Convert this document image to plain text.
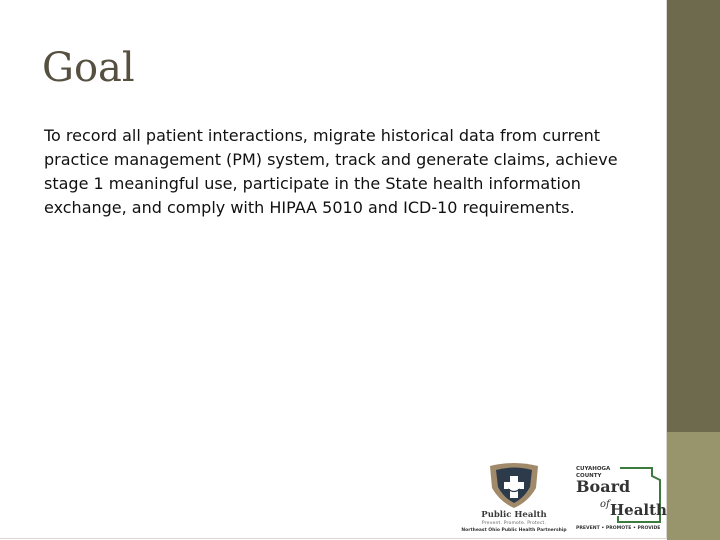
Goal

To record all patient interactions, migrate historical data from current practice management (PM) system, track and generate claims, achieve stage 1 meaningful use, participate in the State health information exchange, and comply with HIPAA 5010 and ICD-10 requirements.

Public Health
Prevent. Promote. Protect.
Northeast Ohio Public Health Partnership
CUYAHOGA
COUNTY
Board
of Health
PREVENT • PROMOTE • PROVIDE
